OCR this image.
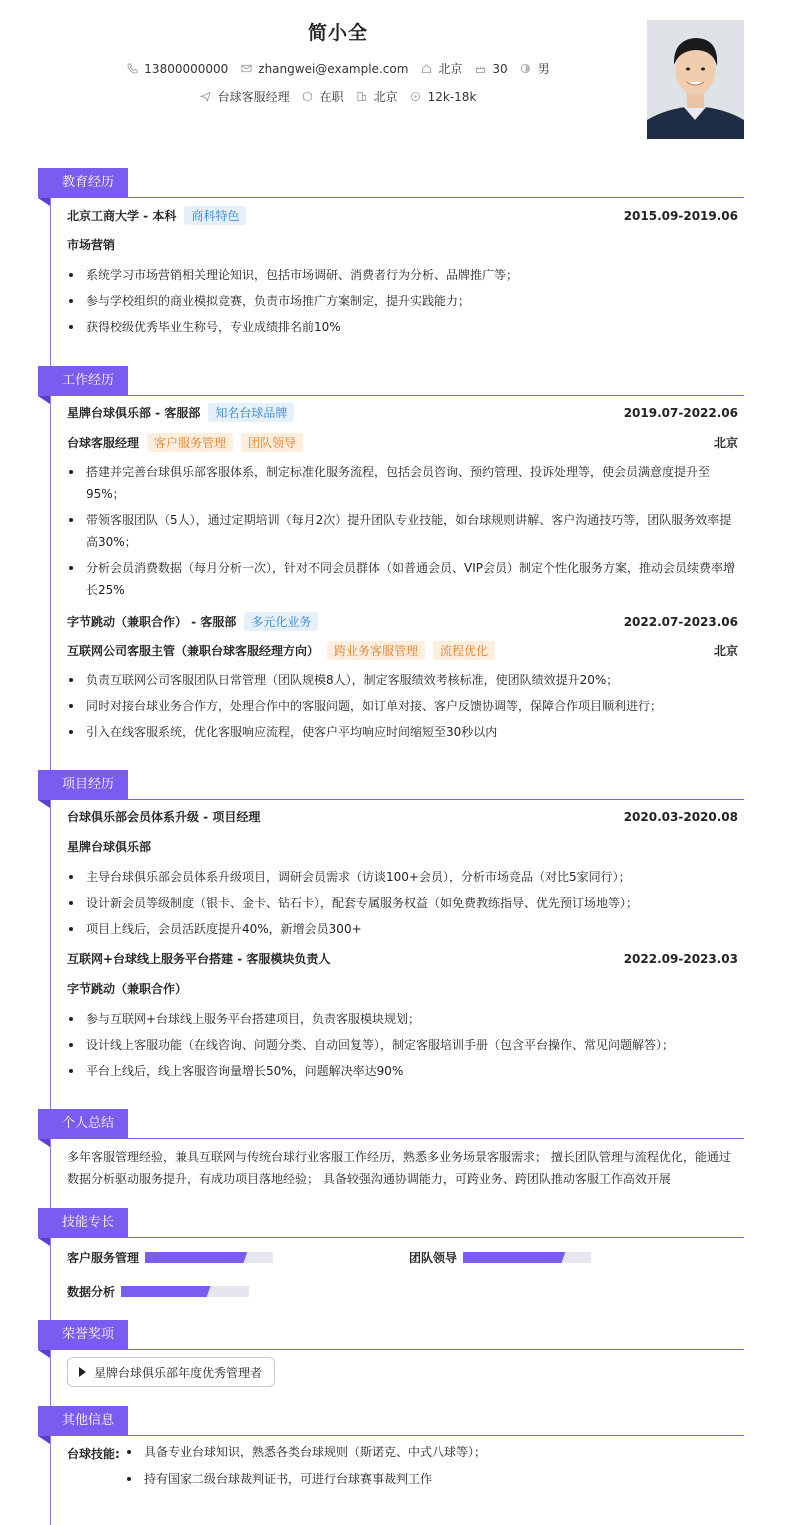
简小全
13800000000	zhangwei@example.com	北京	30	男
台球客服经理	在职	北京	12k-18k
教育经历
北京工商大学 - 本科	商科特色	2015.09-2019.06
市场营销
系统学习市场营销相关理论知识，包括市场调研、消费者行为分析、品牌推广等；
参与学校组织的商业模拟竞赛，负责市场推广方案制定，提升实践能力；
获得校级优秀毕业生称号，专业成绩排名前10%
工作经历
星牌台球俱乐部 - 客服部	知名台球品牌	2019.07-2022.06
台球客服经理	客户服务管理	团队领导	北京
搭建并完善台球俱乐部客服体系，制定标准化服务流程，包括会员咨询、预约管理、投诉处理等，使会员满意度提升至95%；
带领客服团队（5人），通过定期培训（每月2次）提升团队专业技能，如台球规则讲解、客户沟通技巧等，团队服务效率提高30%；
分析会员消费数据（每月分析一次），针对不同会员群体（如普通会员、VIP会员）制定个性化服务方案，推动会员续费率增长25%
字节跳动（兼职合作） - 客服部	多元化业务	2022.07-2023.06
互联网公司客服主管（兼职台球客服经理方向）	跨业务客服管理	流程优化	北京
负责互联网公司客服团队日常管理（团队规模8人），制定客服绩效考核标准，使团队绩效提升20%；
同时对接台球业务合作方，处理合作中的客服问题，如订单对接、客户反馈协调等，保障合作项目顺利进行；
引入在线客服系统，优化客服响应流程，使客户平均响应时间缩短至30秒以内
项目经历
台球俱乐部会员体系升级 - 项目经理	2020.03-2020.08
星牌台球俱乐部
主导台球俱乐部会员体系升级项目，调研会员需求（访谈100+会员），分析市场竞品（对比5家同行）；
设计新会员等级制度（银卡、金卡、钻石卡），配套专属服务权益（如免费教练指导、优先预订场地等）；
项目上线后，会员活跃度提升40%，新增会员300+
互联网+台球线上服务平台搭建 - 客服模块负责人	2022.09-2023.03
字节跳动（兼职合作）
参与互联网+台球线上服务平台搭建项目，负责客服模块规划；
设计线上客服功能（在线咨询、问题分类、自动回复等），制定客服培训手册（包含平台操作、常见问题解答）；
平台上线后，线上客服咨询量增长50%，问题解决率达90%
个人总结
多年客服管理经验，兼具互联网与传统台球行业客服工作经历，熟悉多业务场景客服需求； 擅长团队管理与流程优化，能通过数据分析驱动服务提升，有成功项目落地经验； 具备较强沟通协调能力，可跨业务、跨团队推动客服工作高效开展
技能专长
客户服务管理	团队领导
数据分析
荣誉奖项
星牌台球俱乐部年度优秀管理者
其他信息
台球技能:	具备专业台球知识，熟悉各类台球规则（斯诺克、中式八球等）；
持有国家二级台球裁判证书，可进行台球赛事裁判工作
